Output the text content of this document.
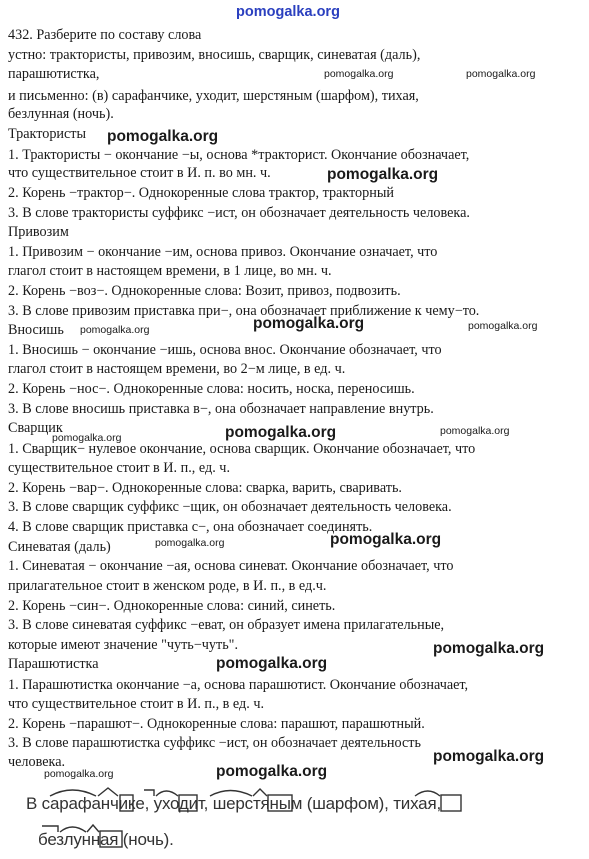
pomogalka.org
432. Разберите по составу слова
устно: трактористы, привозим, вносишь, сварщик, синеватая (даль),
парашютистка,
и письменно: (в) сарафанчике, уходит, шерстяным (шарфом), тихая,
безлунная (ночь).
Трактористы
1. Трактористы − окончание −ы, основа *тракторист. Окончание обозначает,
что существительное стоит в И. п. во мн. ч.
2. Корень −трактор−. Однокоренные слова трактор, тракторный
3. В слове трактористы суффикс −ист, он обозначает деятельность человека.
Привозим
1. Привозим − окончание −им, основа привоз. Окончание означает, что
глагол стоит в настоящем времени, в 1 лице, во мн. ч.
2. Корень −воз−. Однокоренные слова: Возит, привоз, подвозить.
3. В слове привозим приставка при−, она обозначает приближение к чему−то.
Вносишь
1. Вносишь − окончание −ишь, основа внос. Окончание обозначает, что
глагол стоит в настоящем времени, во 2−м лице, в ед. ч.
2. Корень −нос−. Однокоренные слова: носить, носка, переносишь.
3. В слове вносишь приставка в−, она обозначает направление внутрь.
Сварщик
1. Сварщик− нулевое окончание, основа сварщик. Окончание обозначает, что
существительное стоит в И. п., ед. ч.
2. Корень −вар−. Однокоренные слова: сварка, варить, сваривать.
3. В слове сварщик суффикс −щик, он обозначает деятельность человека.
4. В слове сварщик приставка с−, она обозначает соединять.
Синеватая (даль)
1. Синеватая − окончание −ая, основа синеват. Окончание обозначает, что
прилагательное стоит в женском роде, в И. п., в ед.ч.
2. Корень −син−. Однокоренные слова: синий, синеть.
3. В слове синеватая суффикс −еват, он образует имена прилагательные,
которые имеют значение "чуть−чуть".
Парашютистка
1. Парашютистка окончание −а, основа парашютист. Окончание обозначает,
что существительное стоит в И. п., в ед. ч.
2. Корень −парашют−. Однокоренные слова: парашют, парашютный.
3. В слове парашютистка суффикс −ист, он обозначает деятельность
человека.
pomogalka.org	pomogalka.org
pomogalka.org
pomogalka.org
pomogalka.org	pomogalka.org	pomogalka.org
pomogalka.org	pomogalka.org	pomogalka.org
pomogalka.org	pomogalka.org
pomogalka.org
pomogalka.org
pomogalka.org
pomogalka.org	pomogalka.org
В сарафанчике, уходит, шерстяным (шарфом), тихая,
безлунная (ночь).
